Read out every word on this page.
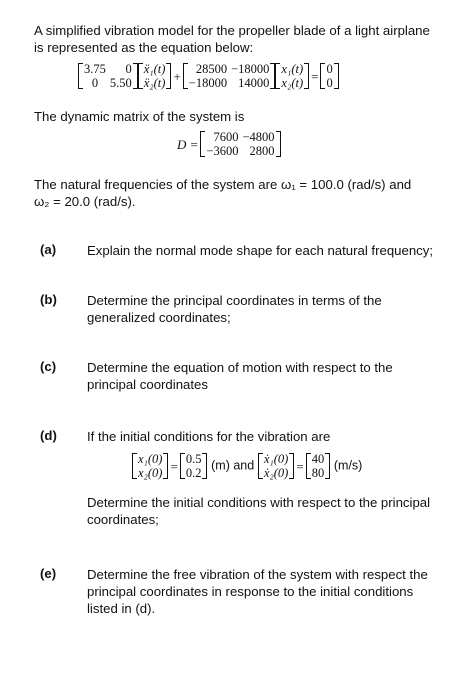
A simplified vibration model for the propeller blade of a light airplane
is represented as the equation below:
3.75	0
0	5.50
ẍ₁(t)
ẍ₂(t) + 28500	−18000
−18000	14000
x₁(t)
x₂(t) = 0
0
The dynamic matrix of the system is
D = 7600	−4800
−3600	2800
The natural frequencies of the system are ω₁ = 100.0 (rad/s) and
ω₂ = 20.0 (rad/s).
(a) Explain the normal mode shape for each natural frequency;
(b) Determine the principal coordinates in terms of the
generalized coordinates;
(c) Determine the equation of motion with respect to the
principal coordinates
(d) If the initial conditions for the vibration are
x₁(0)
x₂(0) = 0.5
0.2
(m) and ẋ₁(0)
ẋ₂(0) = 40
80
(m/s)
Determine the initial conditions with respect to the principal
coordinates;
(e) Determine the free vibration of the system with respect the
principal coordinates in response to the initial conditions
listed in (d).
